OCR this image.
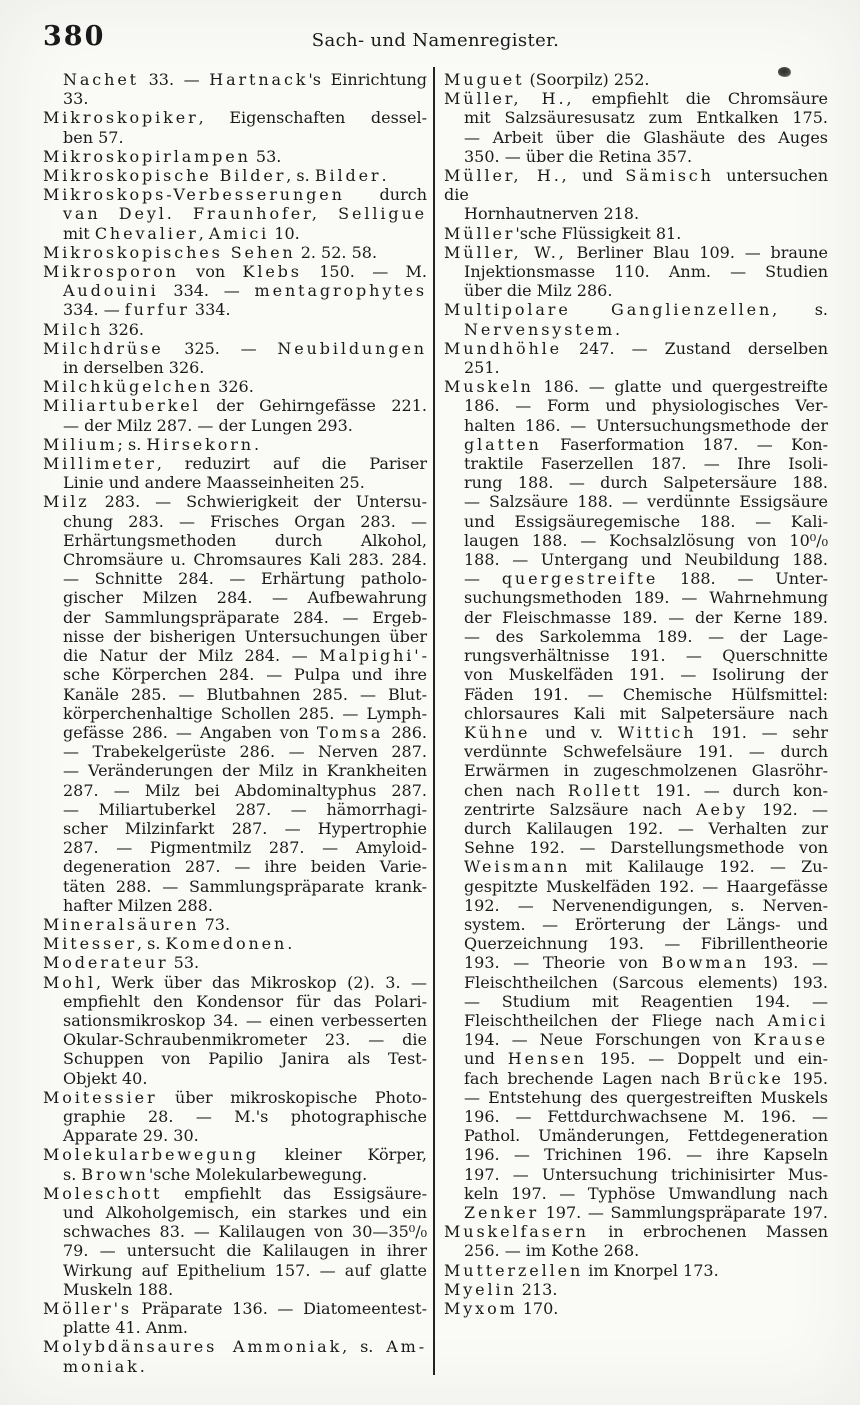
380	Sach- und Namenregister.
Nachet 33. — Hartnack's Einrichtung
33.
Mikroskopiker, Eigenschaften dessel-
ben 57.
Mikroskopirlampen 53.
Mikroskopische Bilder, s. Bilder.
Mikroskops-Verbesserungen durch
van Deyl. Fraunhofer, Selligue
mit Chevalier, Amici 10.
Mikroskopisches Sehen 2. 52. 58.
Mikrosporon von Klebs 150. — M.
Audouini 334. — mentagrophytes
334. — furfur 334.
Milch 326.
Milchdrüse 325. — Neubildungen
in derselben 326.
Milchkügelchen 326.
Miliartuberkel der Gehirngefässe 221.
— der Milz 287. — der Lungen 293.
Milium; s. Hirsekorn.
Millimeter, reduzirt auf die Pariser
Linie und andere Maasseinheiten 25.
Milz 283. — Schwierigkeit der Untersu-
chung 283. — Frisches Organ 283. —
Erhärtungsmethoden durch Alkohol,
Chromsäure u. Chromsaures Kali 283. 284.
— Schnitte 284. — Erhärtung patholo-
gischer Milzen 284. — Aufbewahrung
der Sammlungspräparate 284. — Ergeb-
nisse der bisherigen Untersuchungen über
die Natur der Milz 284. — Malpighi'-
sche Körperchen 284. — Pulpa und ihre
Kanäle 285. — Blutbahnen 285. — Blut-
körperchenhaltige Schollen 285. — Lymph-
gefässe 286. — Angaben von Tomsa 286.
— Trabekelgerüste 286. — Nerven 287.
— Veränderungen der Milz in Krankheiten
287. — Milz bei Abdominaltyphus 287.
— Miliartuberkel 287. — hämorrhagi-
scher Milzinfarkt 287. — Hypertrophie
287. — Pigmentmilz 287. — Amyloid-
degeneration 287. — ihre beiden Varie-
täten 288. — Sammlungspräparate krank-
hafter Milzen 288.
Mineralsäuren 73.
Mitesser, s. Komedonen.
Moderateur 53.
Mohl, Werk über das Mikroskop (2). 3. —
empfiehlt den Kondensor für das Polari-
sationsmikroskop 34. — einen verbesserten
Okular-Schraubenmikrometer 23. — die
Schuppen von Papilio Janira als Test-
Objekt 40.
Moitessier über mikroskopische Photo-
graphie 28. — M.'s photographische
Apparate 29. 30.
Molekularbewegung kleiner Körper,
s. Brown'sche Molekularbewegung.
Moleschott empfiehlt das Essigsäure-
und Alkoholgemisch, ein starkes und ein
schwaches 83. — Kalilaugen von 30—35⁰/₀
79. — untersucht die Kalilaugen in ihrer
Wirkung auf Epithelium 157. — auf glatte
Muskeln 188.
Möller's Präparate 136. — Diatomeentest-
platte 41. Anm.
Molybdänsaures Ammoniak, s. Am-
moniak.
Muguet (Soorpilz) 252.
Müller, H., empfiehlt die Chromsäure
mit Salzsäuresusatz zum Entkalken 175.
— Arbeit über die Glashäute des Auges
350. — über die Retina 357.
Müller, H., und Sämisch untersuchen die
Hornhautnerven 218.
Müller'sche Flüssigkeit 81.
Müller, W., Berliner Blau 109. — braune
Injektionsmasse 110. Anm. — Studien
über die Milz 286.
Multipolare Ganglienzellen, s.
Nervensystem.
Mundhöhle 247. — Zustand derselben
251.
Muskeln 186. — glatte und quergestreifte
186. — Form und physiologisches Ver-
halten 186. — Untersuchungsmethode der
glatten Faserformation 187. — Kon-
traktile Faserzellen 187. — Ihre Isoli-
rung 188. — durch Salpetersäure 188.
— Salzsäure 188. — verdünnte Essigsäure
und Essigsäuregemische 188. — Kali-
laugen 188. — Kochsalzlösung von 10⁰/₀
188. — Untergang und Neubildung 188.
— quergestreifte 188. — Unter-
suchungsmethoden 189. — Wahrnehmung
der Fleischmasse 189. — der Kerne 189.
— des Sarkolemma 189. — der Lage-
rungsverhältnisse 191. — Querschnitte
von Muskelfäden 191. — Isolirung der
Fäden 191. — Chemische Hülfsmittel:
chlorsaures Kali mit Salpetersäure nach
Kühne und v. Wittich 191. — sehr
verdünnte Schwefelsäure 191. — durch
Erwärmen in zugeschmolzenen Glasröhr-
chen nach Rollett 191. — durch kon-
zentrirte Salzsäure nach Aeby 192. —
durch Kalilaugen 192. — Verhalten zur
Sehne 192. — Darstellungsmethode von
Weismann mit Kalilauge 192. — Zu-
gespitzte Muskelfäden 192. — Haargefässe
192. — Nervenendigungen, s. Nerven-
system. — Erörterung der Längs- und
Querzeichnung 193. — Fibrillentheorie
193. — Theorie von Bowman 193. —
Fleischtheilchen (Sarcous elements) 193.
— Studium mit Reagentien 194. —
Fleischtheilchen der Fliege nach Amici
194. — Neue Forschungen von Krause
und Hensen 195. — Doppelt und ein-
fach brechende Lagen nach Brücke 195.
— Entstehung des quergestreiften Muskels
196. — Fettdurchwachsene M. 196. —
Pathol. Umänderungen, Fettdegeneration
196. — Trichinen 196. — ihre Kapseln
197. — Untersuchung trichinisirter Mus-
keln 197. — Typhöse Umwandlung nach
Zenker 197. — Sammlungspräparate 197.
Muskelfasern in erbrochenen Massen
256. — im Kothe 268.
Mutterzellen im Knorpel 173.
Myelin 213.
Myxom 170.
